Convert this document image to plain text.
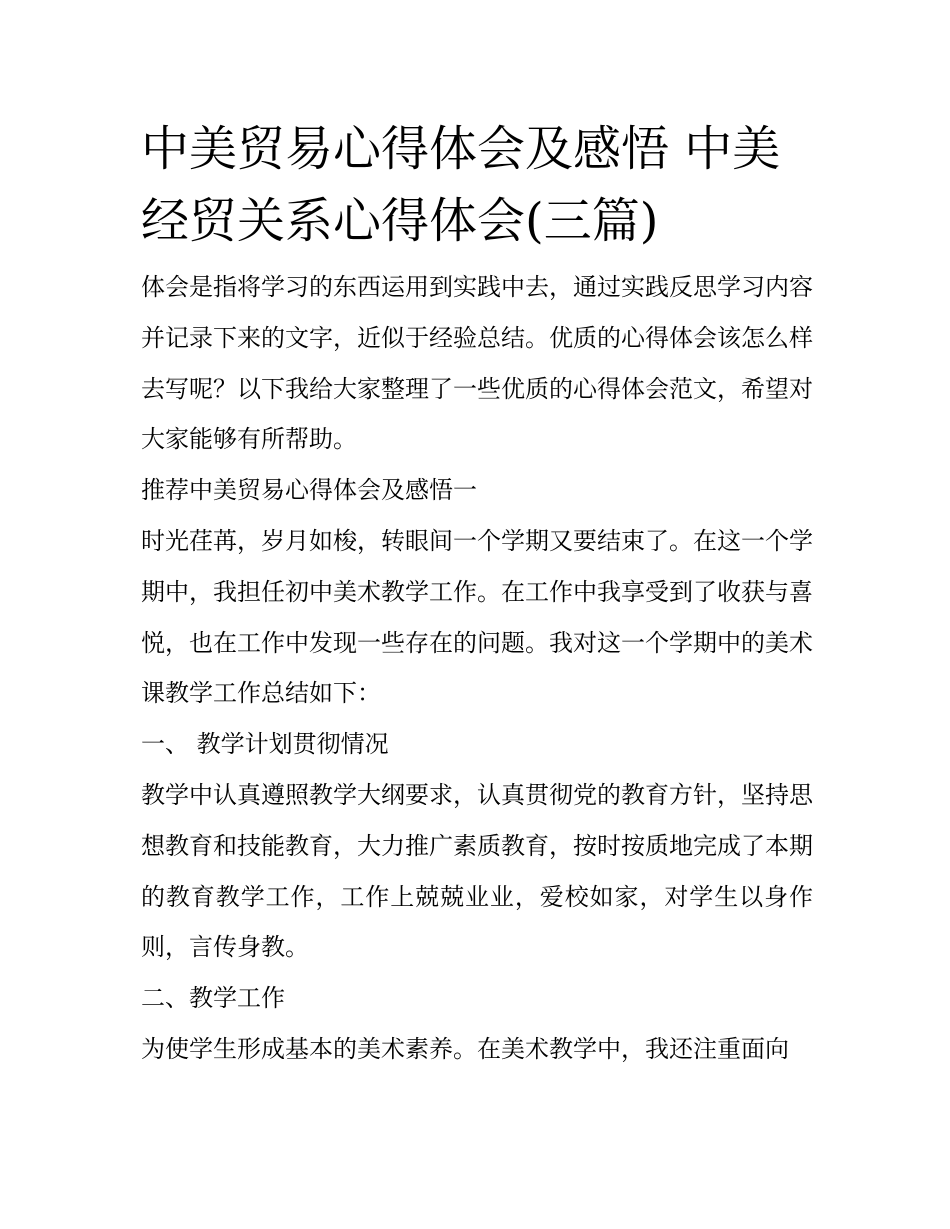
中美贸易心得体会及感悟 中美经贸关系心得体会(三篇)

体会是指将学习的东西运用到实践中去，通过实践反思学习内容并记录下来的文字，近似于经验总结。优质的心得体会该怎么样去写呢？以下我给大家整理了一些优质的心得体会范文，希望对大家能够有所帮助。

推荐中美贸易心得体会及感悟一

时光荏苒，岁月如梭，转眼间一个学期又要结束了。在这一个学期中，我担任初中美术教学工作。在工作中我享受到了收获与喜悦，也在工作中发现一些存在的问题。我对这一个学期中的美术课教学工作总结如下：

一、 教学计划贯彻情况

教学中认真遵照教学大纲要求，认真贯彻党的教育方针，坚持思想教育和技能教育，大力推广素质教育，按时按质地完成了本期的教育教学工作，工作上兢兢业业，爱校如家，对学生以身作则，言传身教。

二、教学工作

为使学生形成基本的美术素养。在美术教学中，我还注重面向
